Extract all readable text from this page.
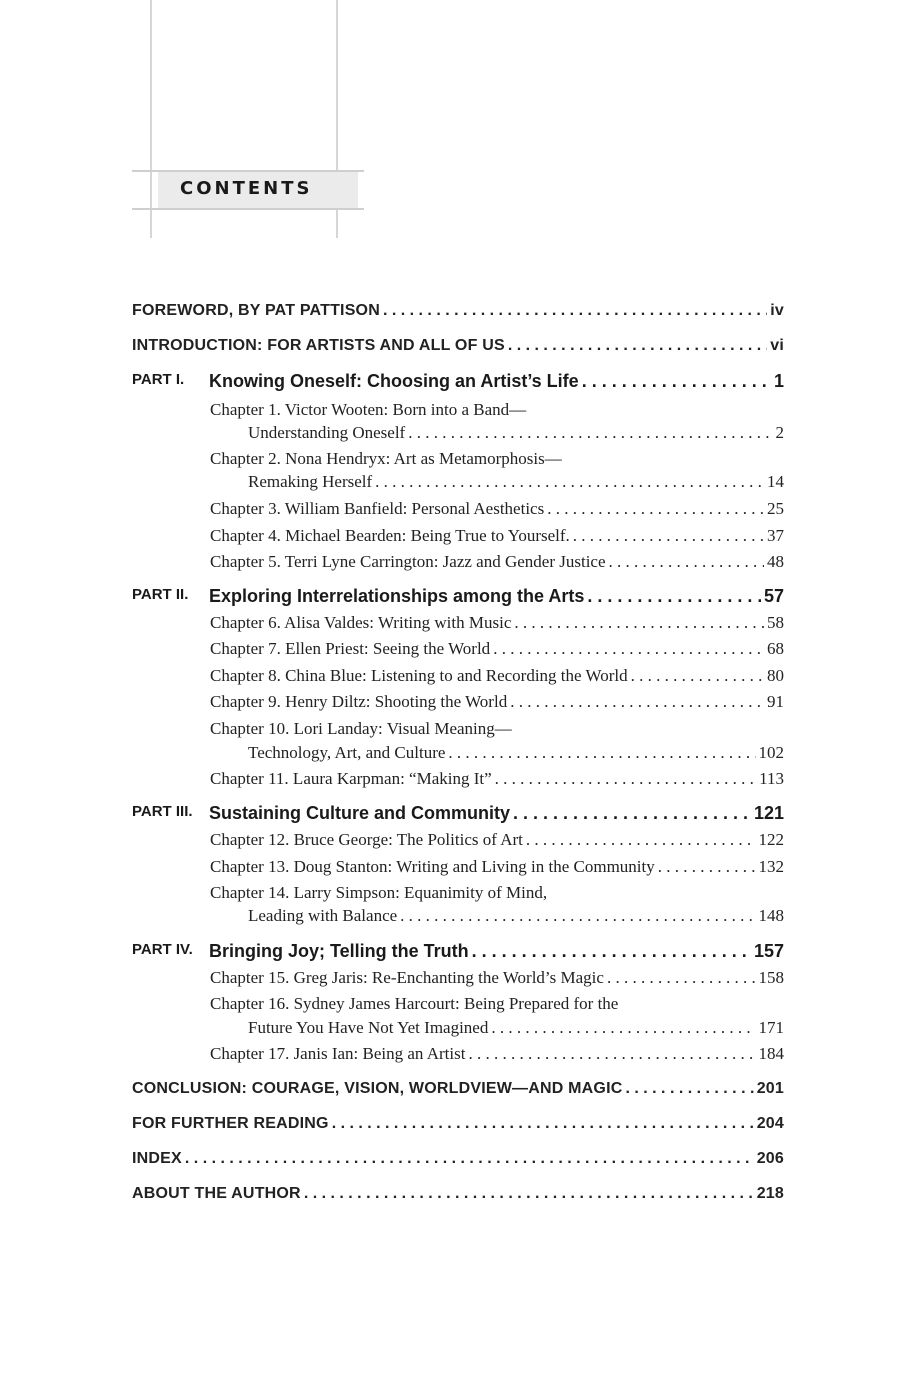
CONTENTS
FOREWORD, BY PAT PATTISON . . .	iv
INTRODUCTION: FOR ARTISTS AND ALL OF US . . .	vi
PART I. Knowing Oneself: Choosing an Artist’s Life . . .	1
Chapter 1. Victor Wooten: Born into a Band—
Understanding Oneself . . .	2
Chapter 2. Nona Hendryx: Art as Metamorphosis—
Remaking Herself . . .	14
Chapter 3. William Banfield: Personal Aesthetics . . .	25
Chapter 4. Michael Bearden: Being True to Yourself. . . .	37
Chapter 5. Terri Lyne Carrington: Jazz and Gender Justice . . .	48
PART II. Exploring Interrelationships among the Arts . . .	57
Chapter 6. Alisa Valdes: Writing with Music . . .	58
Chapter 7. Ellen Priest: Seeing the World . . .	68
Chapter 8. China Blue: Listening to and Recording the World . . .	80
Chapter 9. Henry Diltz: Shooting the World . . .	91
Chapter 10. Lori Landay: Visual Meaning—
Technology, Art, and Culture . . .	102
Chapter 11. Laura Karpman: “Making It” . . .	113
PART III. Sustaining Culture and Community . . .	121
Chapter 12. Bruce George: The Politics of Art . . .	122
Chapter 13. Doug Stanton: Writing and Living in the Community . . .	132
Chapter 14. Larry Simpson: Equanimity of Mind,
Leading with Balance . . .	148
PART IV. Bringing Joy; Telling the Truth . . .	157
Chapter 15. Greg Jaris: Re-Enchanting the World’s Magic . . .	158
Chapter 16. Sydney James Harcourt: Being Prepared for the
Future You Have Not Yet Imagined . . .	171
Chapter 17. Janis Ian: Being an Artist . . .	184
CONCLUSION: COURAGE, VISION, WORLDVIEW—AND MAGIC . . .	201
FOR FURTHER READING . . .	204
INDEX . . .	206
ABOUT THE AUTHOR . . .	218
